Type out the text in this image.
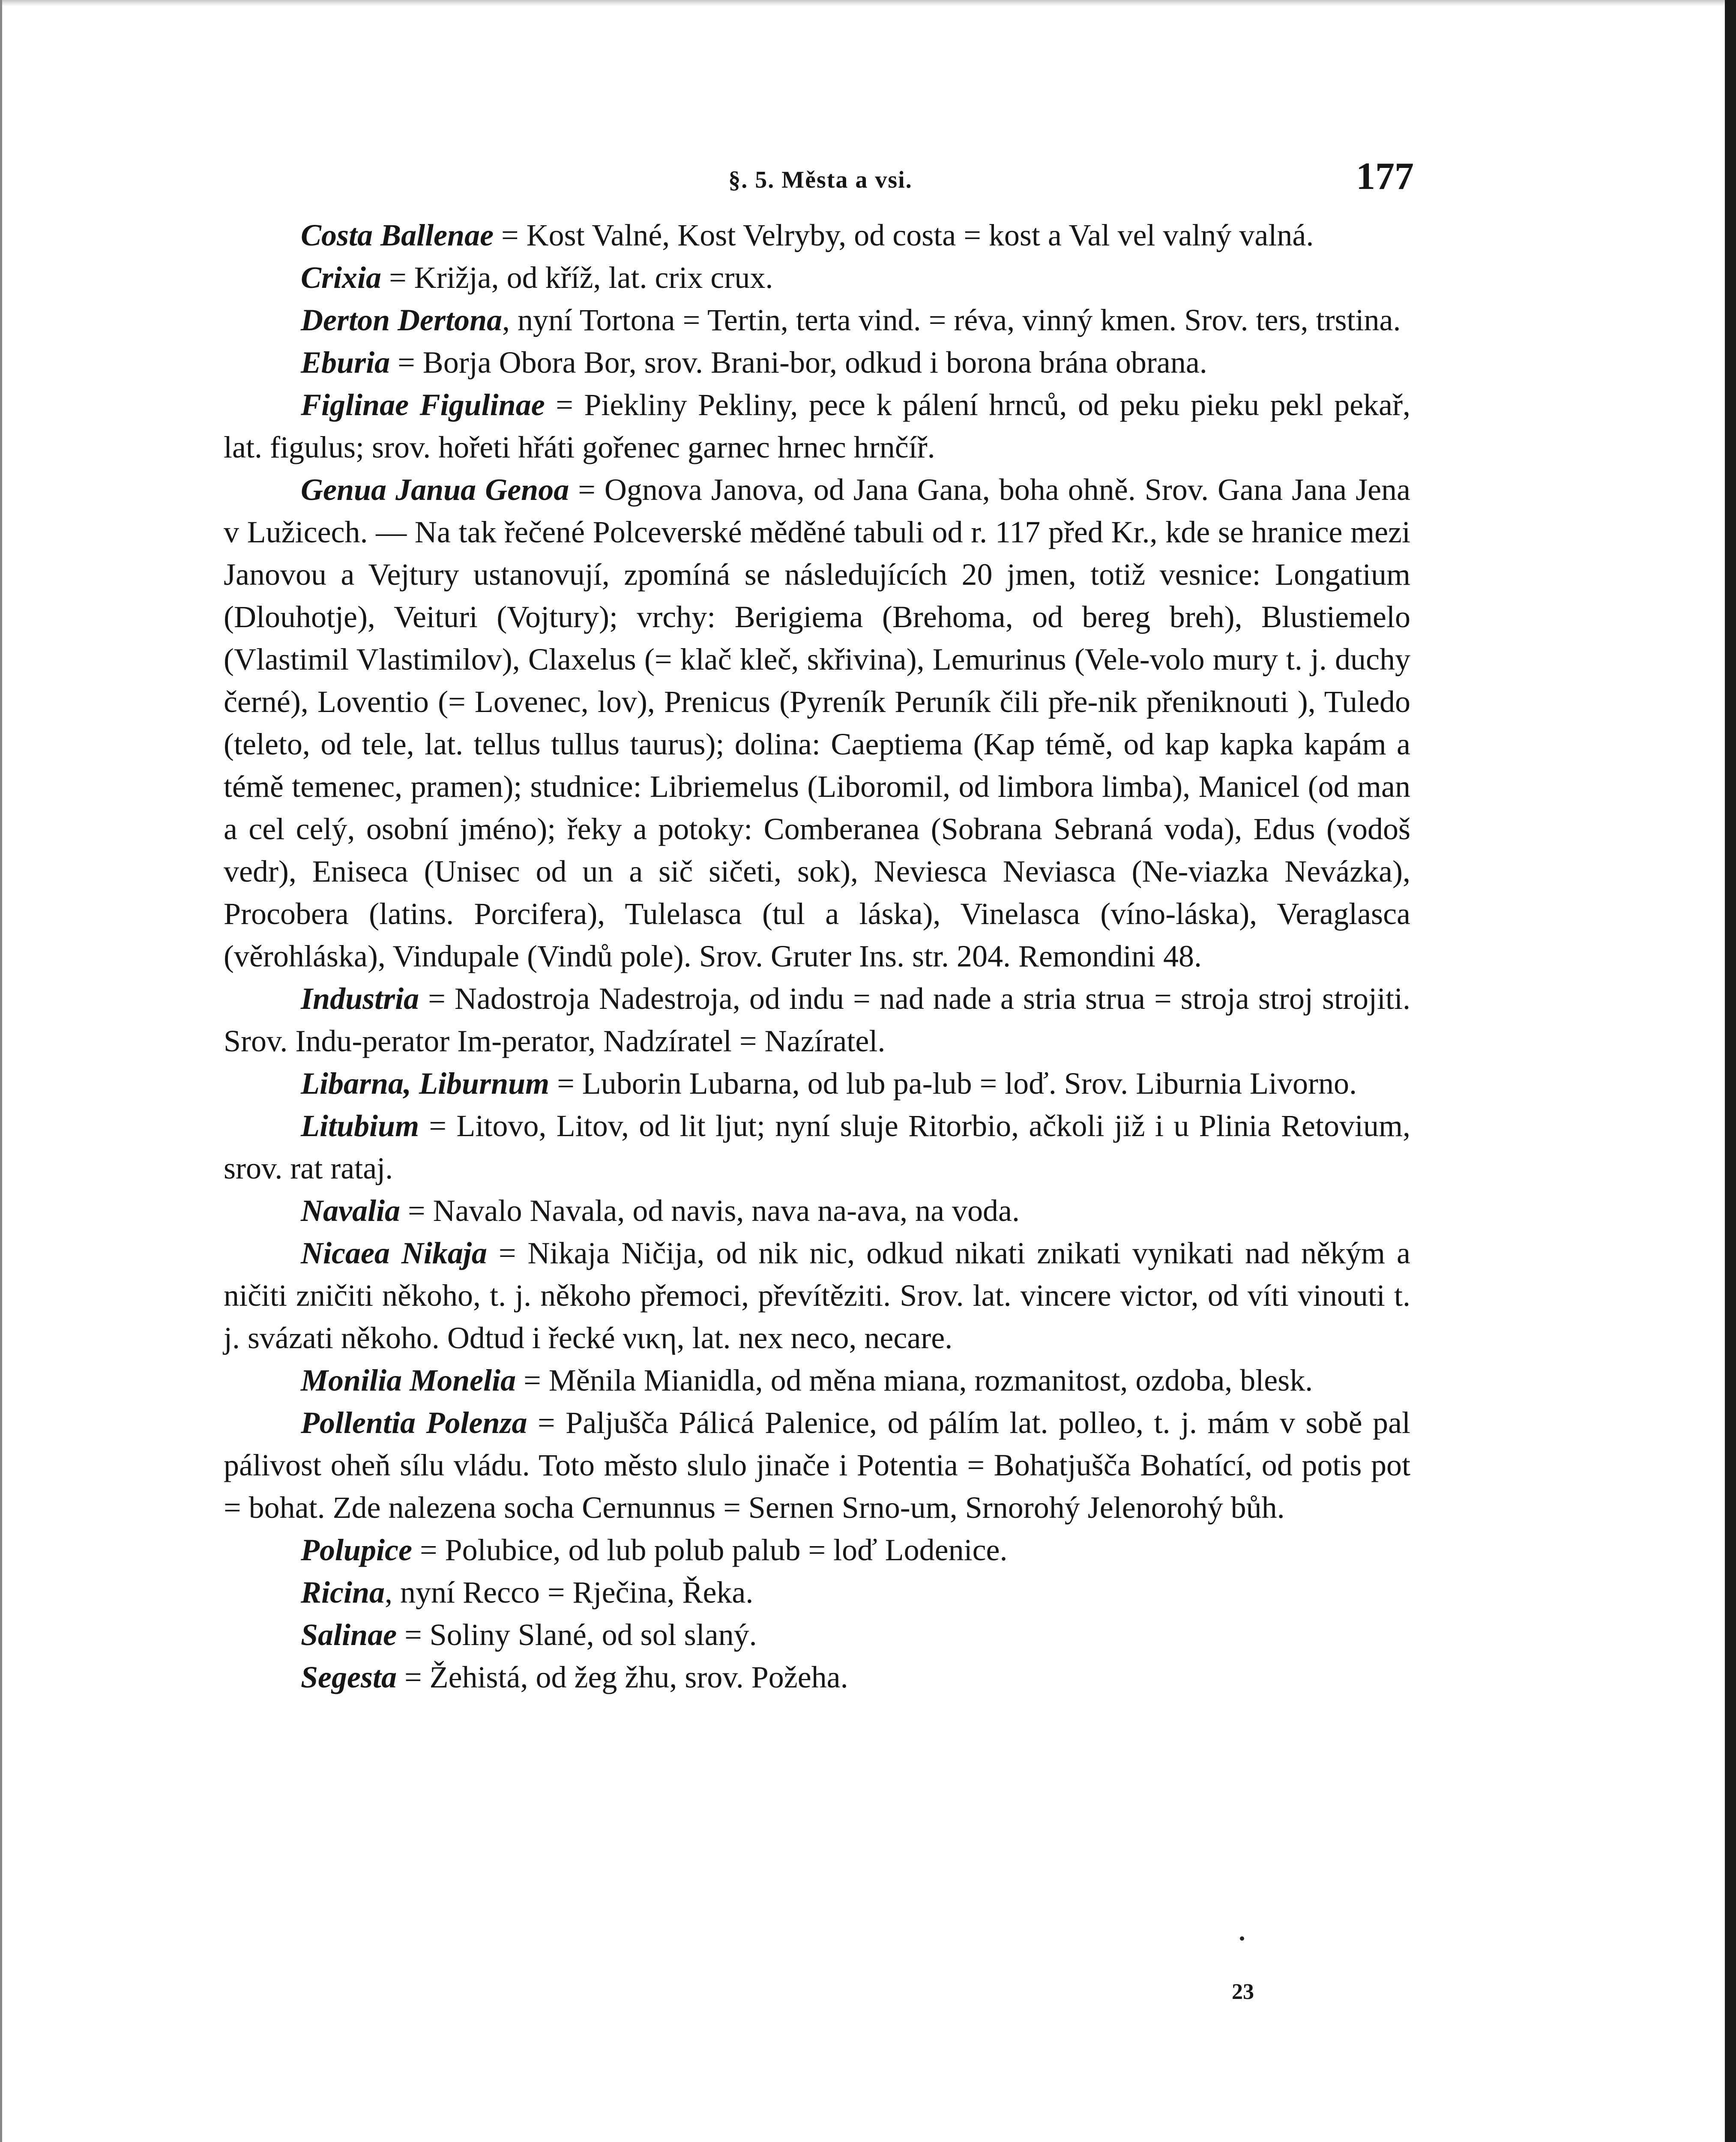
§. 5. Města a vsi.	177

Costa Ballenae = Kost Valné, Kost Velryby, od costa = kost a Val vel valný valná.

Crixia = Križja, od kříž, lat. crix crux.

Derton Dertona, nyní Tortona = Tertin, terta vind. = réva, vinný kmen. Srov. ters, trstina.

Eburia = Borja Obora Bor, srov. Brani-bor, odkud i borona brána obrana.

Figlinae Figulinae = Piekliny Pekliny, pece k pálení hrnců, od peku pieku pekl pekař, lat. figulus; srov. hořeti hřáti gořenec garnec hrnec hrnčíř.

Genua Janua Genoa = Ognova Janova, od Jana Gana, boha ohně. Srov. Gana Jana Jena v Lužicech. — Na tak řečené Polceverské měděné tabuli od r. 117 před Kr., kde se hranice mezi Janovou a Vejtury ustanovují, zpomíná se následujících 20 jmen, totiž vesnice: Longatium (Dlouhotje), Veituri (Vojtury); vrchy: Berigiema (Brehoma, od bereg breh), Blustiemelo (Vlastimil Vlastimilov), Claxelus (= klač kleč, skřivina), Lemurinus (Vele-volo mury t. j. duchy černé), Loventio (= Lovenec, lov), Prenicus (Pyreník Peruník čili pře-nik přeniknouti ), Tuledo (teleto, od tele, lat. tellus tullus taurus); dolina: Caeptiema (Kap témě, od kap kapka kapám a témě temenec, pramen); studnice: Libriemelus (Liboromil, od limbora limba), Manicel (od man a cel celý, osobní jméno); řeky a potoky: Comberanea (Sobrana Sebraná voda), Edus (vodoš vedr), Eniseca (Unisec od un a sič sičeti, sok), Neviesca Neviasca (Ne-viazka Nevázka), Procobera (latins. Porcifera), Tulelasca (tul a láska), Vinelasca (víno-láska), Veraglasca (věrohláska), Vindupale (Vindů pole). Srov. Gruter Ins. str. 204. Remondini 48.

Industria = Nadostroja Nadestroja, od indu = nad nade a stria strua = stroja stroj strojiti. Srov. Indu-perator Im-perator, Nadzíratel = Nazíratel.

Libarna, Liburnum = Luborin Lubarna, od lub pa-lub = loď. Srov. Liburnia Livorno.

Litubium = Litovo, Litov, od lit ljut; nyní sluje Ritorbio, ačkoli již i u Plinia Retovium, srov. rat rataj.

Navalia = Navalo Navala, od navis, nava na-ava, na voda.

Nicaea Nikaja = Nikaja Ničija, od nik nic, odkud nikati znikati vynikati nad někým a ničiti zničiti někoho, t. j. někoho přemoci, převítěziti. Srov. lat. vincere victor, od víti vinouti t. j. svázati někoho. Odtud i řecké νικη, lat. nex neco, necare.

Monilia Monelia = Měnila Mianidla, od měna miana, rozmanitost, ozdoba, blesk.

Pollentia Polenza = Paljušča Pálicá Palenice, od pálím lat. polleo, t. j. mám v sobě pal pálivost oheň sílu vládu. Toto město slulo jinače i Potentia = Bohatjušča Bohatící, od potis pot = bohat. Zde nalezena socha Cernunnus = Sernen Srno-um, Srnorohý Jelenorohý bůh.

Polupice = Polubice, od lub polub palub = loď Lodenice.

Ricina, nyní Recco = Rječina, Řeka.

Salinae = Soliny Slané, od sol slaný.

Segesta = Žehistá, od žeg žhu, srov. Požeha.

23
